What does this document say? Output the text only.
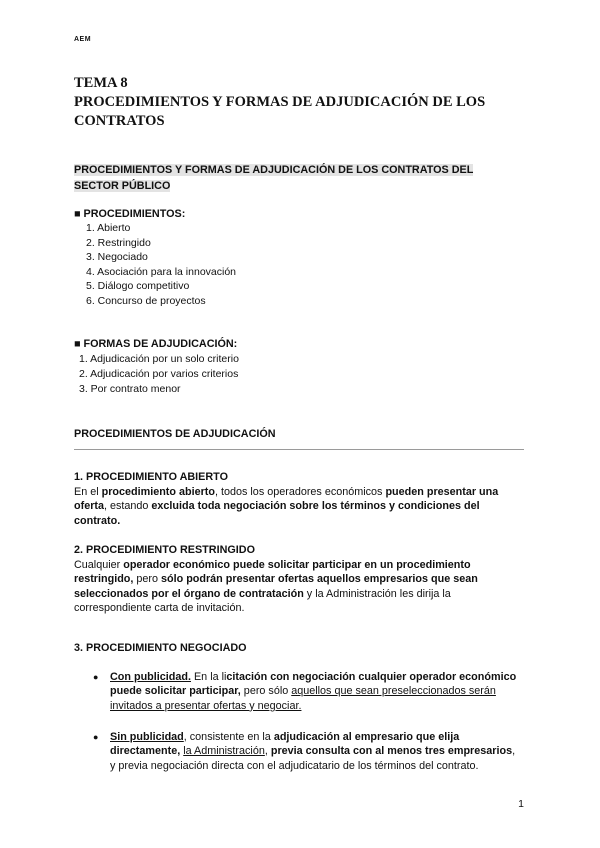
AEM
TEMA 8
PROCEDIMIENTOS Y FORMAS DE ADJUDICACIÓN DE LOS
CONTRATOS
PROCEDIMIENTOS Y FORMAS DE ADJUDICACIÓN DE LOS CONTRATOS DEL
SECTOR PÚBLICO
■ PROCEDIMIENTOS:
1. Abierto
2. Restringido
3. Negociado
4. Asociación para la innovación
5. Diálogo competitivo
6. Concurso de proyectos
■ FORMAS DE ADJUDICACIÓN:
1. Adjudicación por un solo criterio
2. Adjudicación por varios criterios
3. Por contrato menor
PROCEDIMIENTOS DE ADJUDICACIÓN
1. PROCEDIMIENTO ABIERTO
En el procedimiento abierto, todos los operadores económicos pueden presentar una
oferta, estando excluida toda negociación sobre los términos y condiciones del
contrato.
2. PROCEDIMIENTO RESTRINGIDO
Cualquier operador económico puede solicitar participar en un procedimiento
restringido, pero sólo podrán presentar ofertas aquellos empresarios que sean
seleccionados por el órgano de contratación y la Administración les dirija la
correspondiente carta de invitación.
3. PROCEDIMIENTO NEGOCIADO
● Con publicidad. En la licitación con negociación cualquier operador económico
puede solicitar participar, pero sólo aquellos que sean preseleccionados serán
invitados a presentar ofertas y negociar.
● Sin publicidad, consistente en la adjudicación al empresario que elija
directamente, la Administración, previa consulta con al menos tres empresarios,
y previa negociación directa con el adjudicatario de los términos del contrato.
1
